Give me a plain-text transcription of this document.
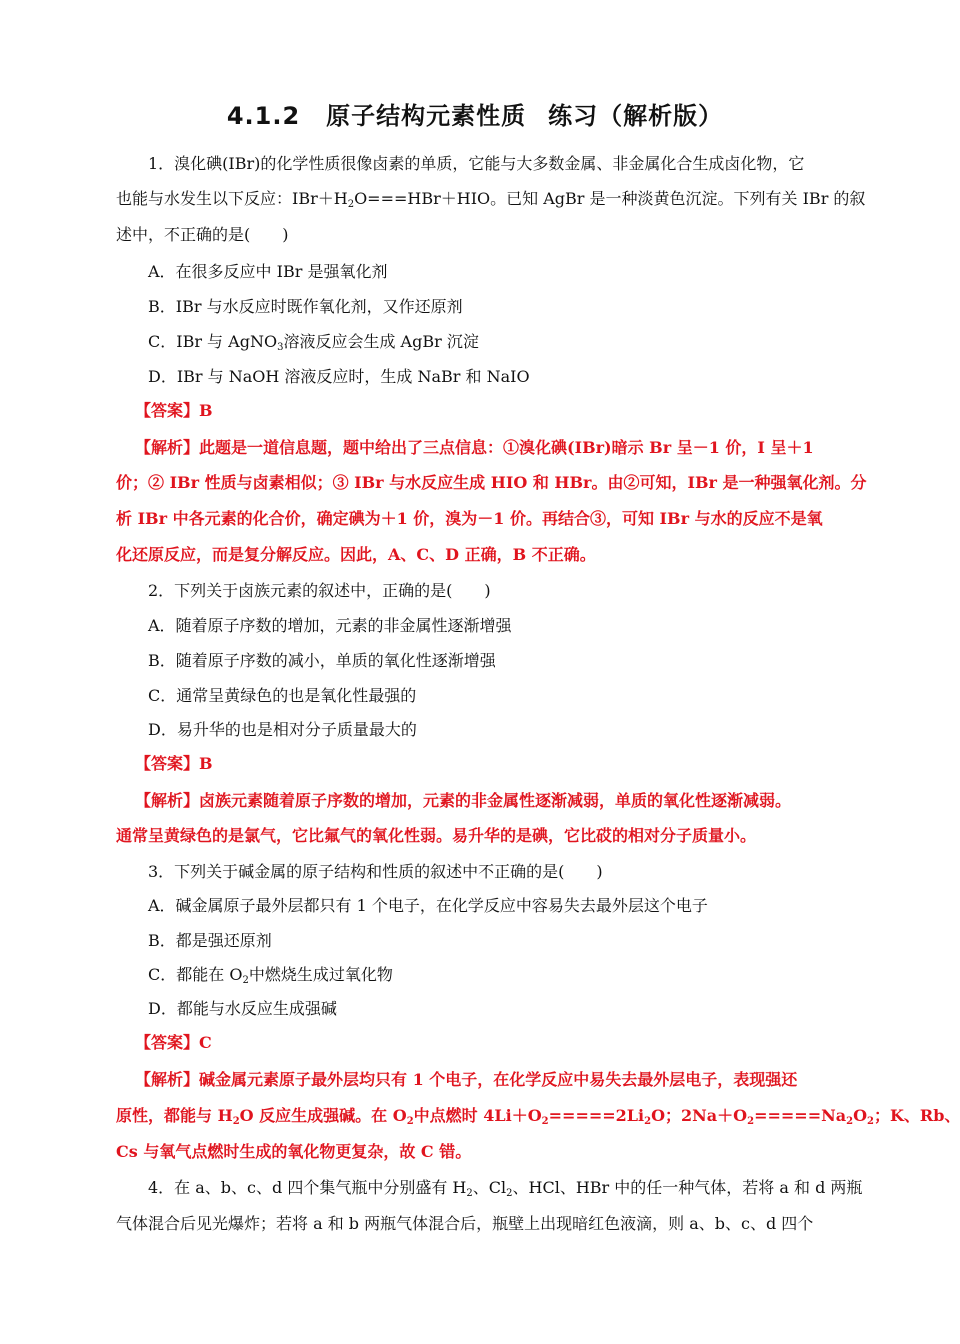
4.1.2 原子结构元素性质 练习（解析版）
1．溴化碘(IBr)的化学性质很像卤素的单质，它能与大多数金属、非金属化合生成卤化物，它
也能与水发生以下反应：$IBr+H_2O===HBr+HIO$。已知 AgBr 是一种淡黄色沉淀。下列有关 IBr 的叙
述中，不正确的是(　　)
A．在很多反应中 IBr 是强氧化剂
B．IBr 与水反应时既作氧化剂，又作还原剂
C．IBr 与 AgNO$_3$溶液反应会生成 AgBr 沉淀
D．IBr 与 NaOH 溶液反应时，生成 NaBr 和 NaIO
【答案】B
【解析】此题是一道信息题，题中给出了三点信息：①溴化碘(IBr)暗示 Br 呈－1 价，I 呈＋1
价；② IBr 性质与卤素相似；③ IBr 与水反应生成 HIO 和 HBr。由②可知，IBr 是一种强氧化剂。分
析 IBr 中各元素的化合价，确定碘为＋1 价，溴为－1 价。再结合③，可知 IBr 与水的反应不是氧
化还原反应，而是复分解反应。因此，A、C、D 正确，B 不正确。
2．下列关于卤族元素的叙述中，正确的是(　　)
A．随着原子序数的增加，元素的非金属性逐渐增强
B．随着原子序数的减小，单质的氧化性逐渐增强
C．通常呈黄绿色的也是氧化性最强的
D．易升华的也是相对分子质量最大的
【答案】B
【解析】卤族元素随着原子序数的增加，元素的非金属性逐渐减弱，单质的氧化性逐渐减弱。
通常呈黄绿色的是氯气，它比氟气的氧化性弱。易升华的是碘，它比砹的相对分子质量小。
3．下列关于碱金属的原子结构和性质的叙述中不正确的是(　　)
A．碱金属原子最外层都只有 1 个电子，在化学反应中容易失去最外层这个电子
B．都是强还原剂
C．都能在 $O_2$中燃烧生成过氧化物
D．都能与水反应生成强碱
【答案】C
【解析】碱金属元素原子最外层均只有 1 个电子，在化学反应中易失去最外层电子，表现强还
原性，都能与 $H_2O$ 反应生成强碱。在 $O_2$中点燃时 $4Li+O_2=====2Li_2O$；$2Na+O_2=====Na_2O_2$；K、Rb、
Cs 与氧气点燃时生成的氧化物更复杂，故 C 错。
4．在 a、b、c、d 四个集气瓶中分别盛有 $H_2$、$Cl_2$、HCl、HBr 中的任一种气体，若将 a 和 d 两瓶
气体混合后见光爆炸；若将 a 和 b 两瓶气体混合后，瓶壁上出现暗红色液滴，则 a、b、c、d 四个
